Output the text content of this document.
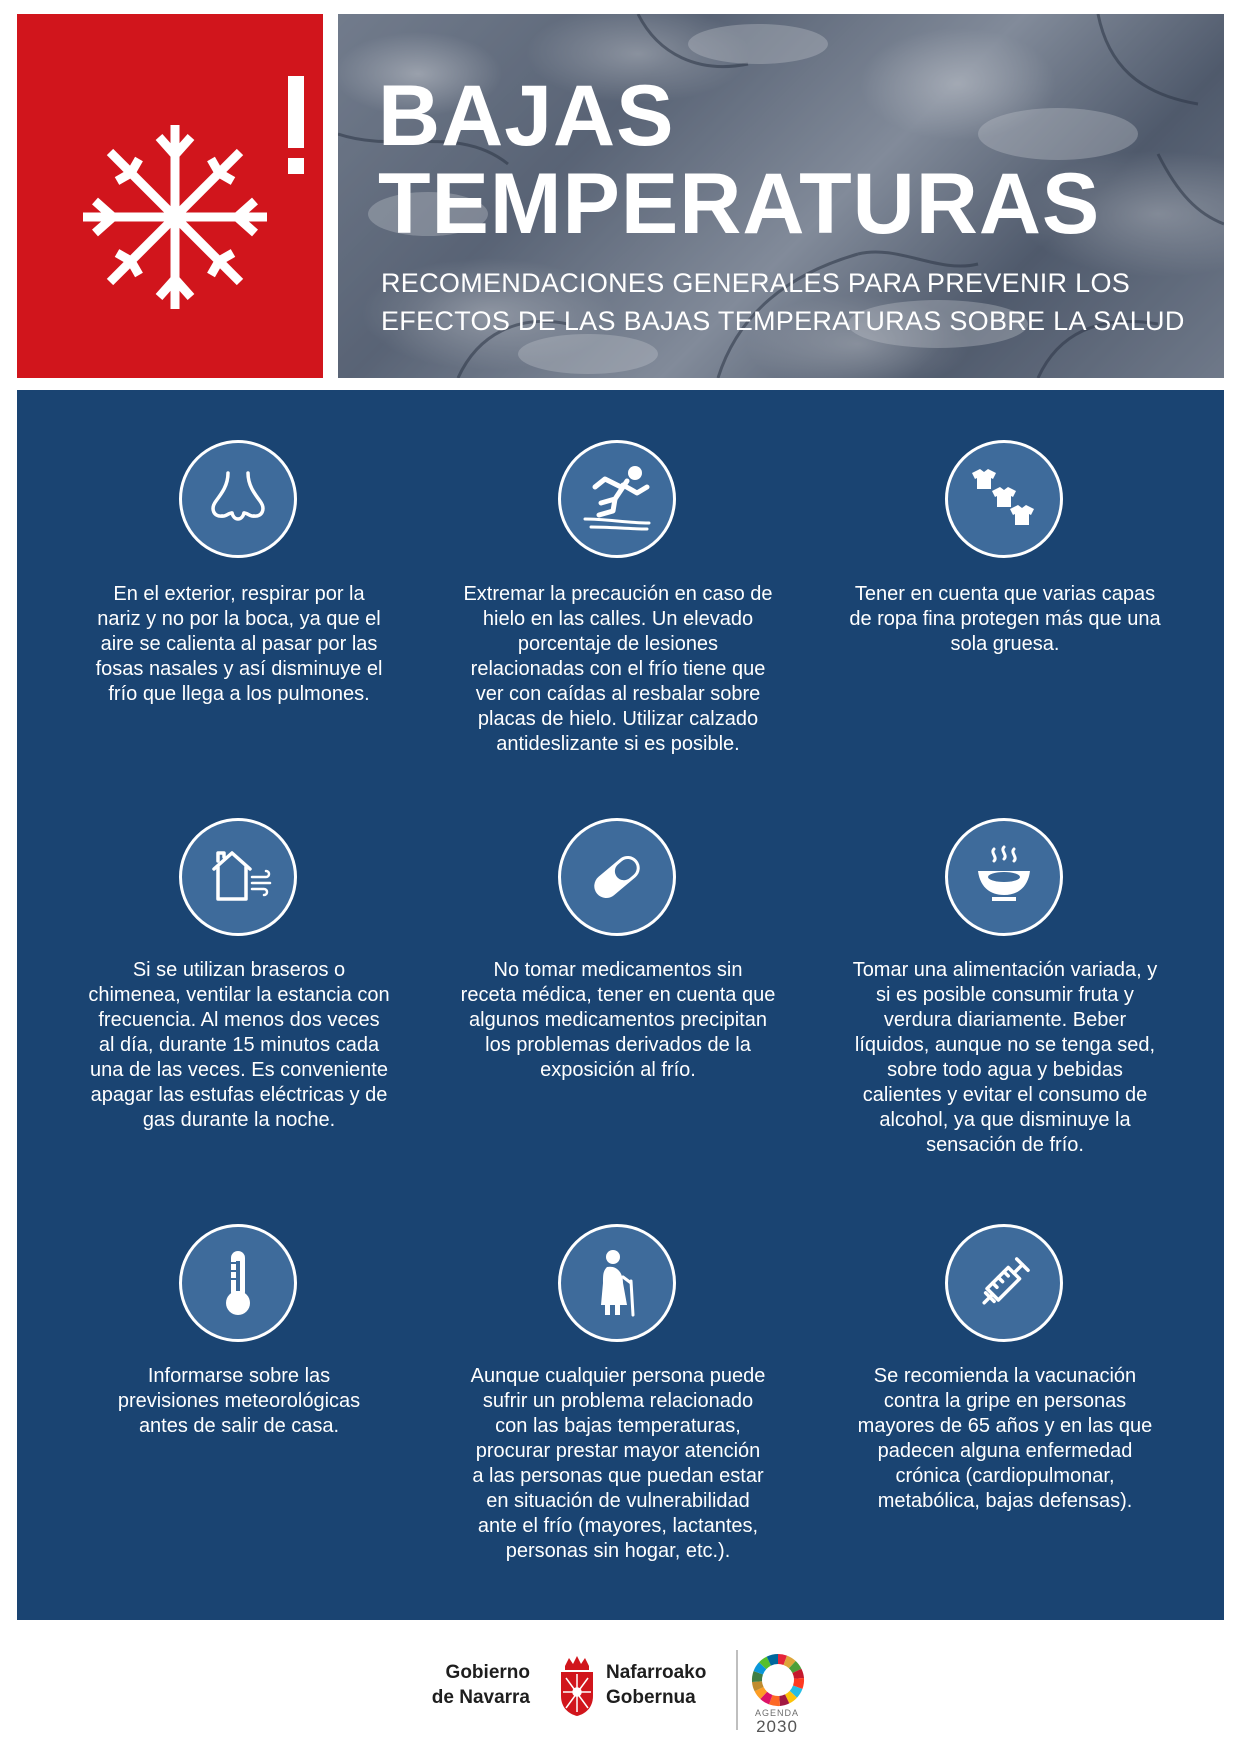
BAJAS
TEMPERATURAS
RECOMENDACIONES GENERALES PARA PREVENIR LOS
EFECTOS DE LAS BAJAS TEMPERATURAS SOBRE LA SALUD
En el exterior, respirar por la
nariz y no por la boca, ya que el
aire se calienta al pasar por las
fosas nasales y así disminuye el
frío que llega a los pulmones.
Extremar la precaución en caso de
hielo en las calles. Un elevado
porcentaje de lesiones
relacionadas con el frío tiene que
ver con caídas al resbalar sobre
placas de hielo. Utilizar calzado
antideslizante si es posible.
Tener en cuenta que varias capas
de ropa fina protegen más que una
sola gruesa.
Si se utilizan braseros o
chimenea, ventilar la estancia con
frecuencia. Al menos dos veces
al día, durante 15 minutos cada
una de las veces. Es conveniente
apagar las estufas eléctricas y de
gas durante la noche.
No tomar medicamentos sin
receta médica, tener en cuenta que
algunos medicamentos precipitan
los problemas derivados de la
exposición al frío.
Tomar una alimentación variada, y
si es posible consumir fruta y
verdura diariamente. Beber
líquidos, aunque no se tenga sed,
sobre todo agua y bebidas
calientes y evitar el consumo de
alcohol, ya que disminuye la
sensación de frío.
Informarse sobre las
previsiones meteorológicas
antes de salir de casa.
Aunque cualquier persona puede
sufrir un problema relacionado
con las bajas temperaturas,
procurar prestar mayor atención
a las personas que puedan estar
en situación de vulnerabilidad
ante el frío (mayores, lactantes,
personas sin hogar, etc.).
Se recomienda la vacunación
contra la gripe en personas
mayores de 65 años y en las que
padecen alguna enfermedad
crónica (cardiopulmonar,
metabólica, bajas defensas).
Gobierno
de Navarra
Nafarroako
Gobernua
AGENDA
2030
